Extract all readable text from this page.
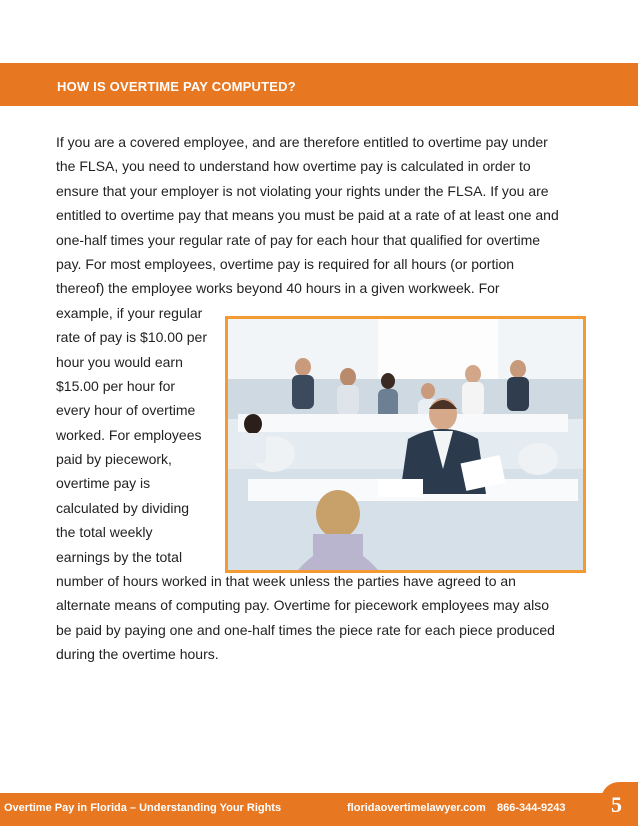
HOW IS OVERTIME PAY COMPUTED?
If you are a covered employee, and are therefore entitled to overtime pay under
the FLSA, you need to understand how overtime pay is calculated in order to
ensure that your employer is not violating your rights under the FLSA. If you are
entitled to overtime pay that means you must be paid at a rate of at least one and
one-half times your regular rate of pay for each hour that qualified for overtime
pay. For most employees, overtime pay is required for all hours (or portion
thereof) the employee works beyond 40 hours in a given workweek. For
example, if your regular
rate of pay is $10.00 per
hour you would earn
$15.00 per hour for
every hour of overtime
worked. For employees
paid by piecework,
overtime pay is
calculated by dividing
the total weekly
earnings by the total
number of hours worked in that week unless the parties have agreed to an
alternate means of computing pay. Overtime for piecework employees may also
be paid by paying one and one-half times the piece rate for each piece produced
during the overtime hours.
Overtime Pay in Florida – Understanding Your Rights	floridaovertimelawyer.com 866-344-9243 5
